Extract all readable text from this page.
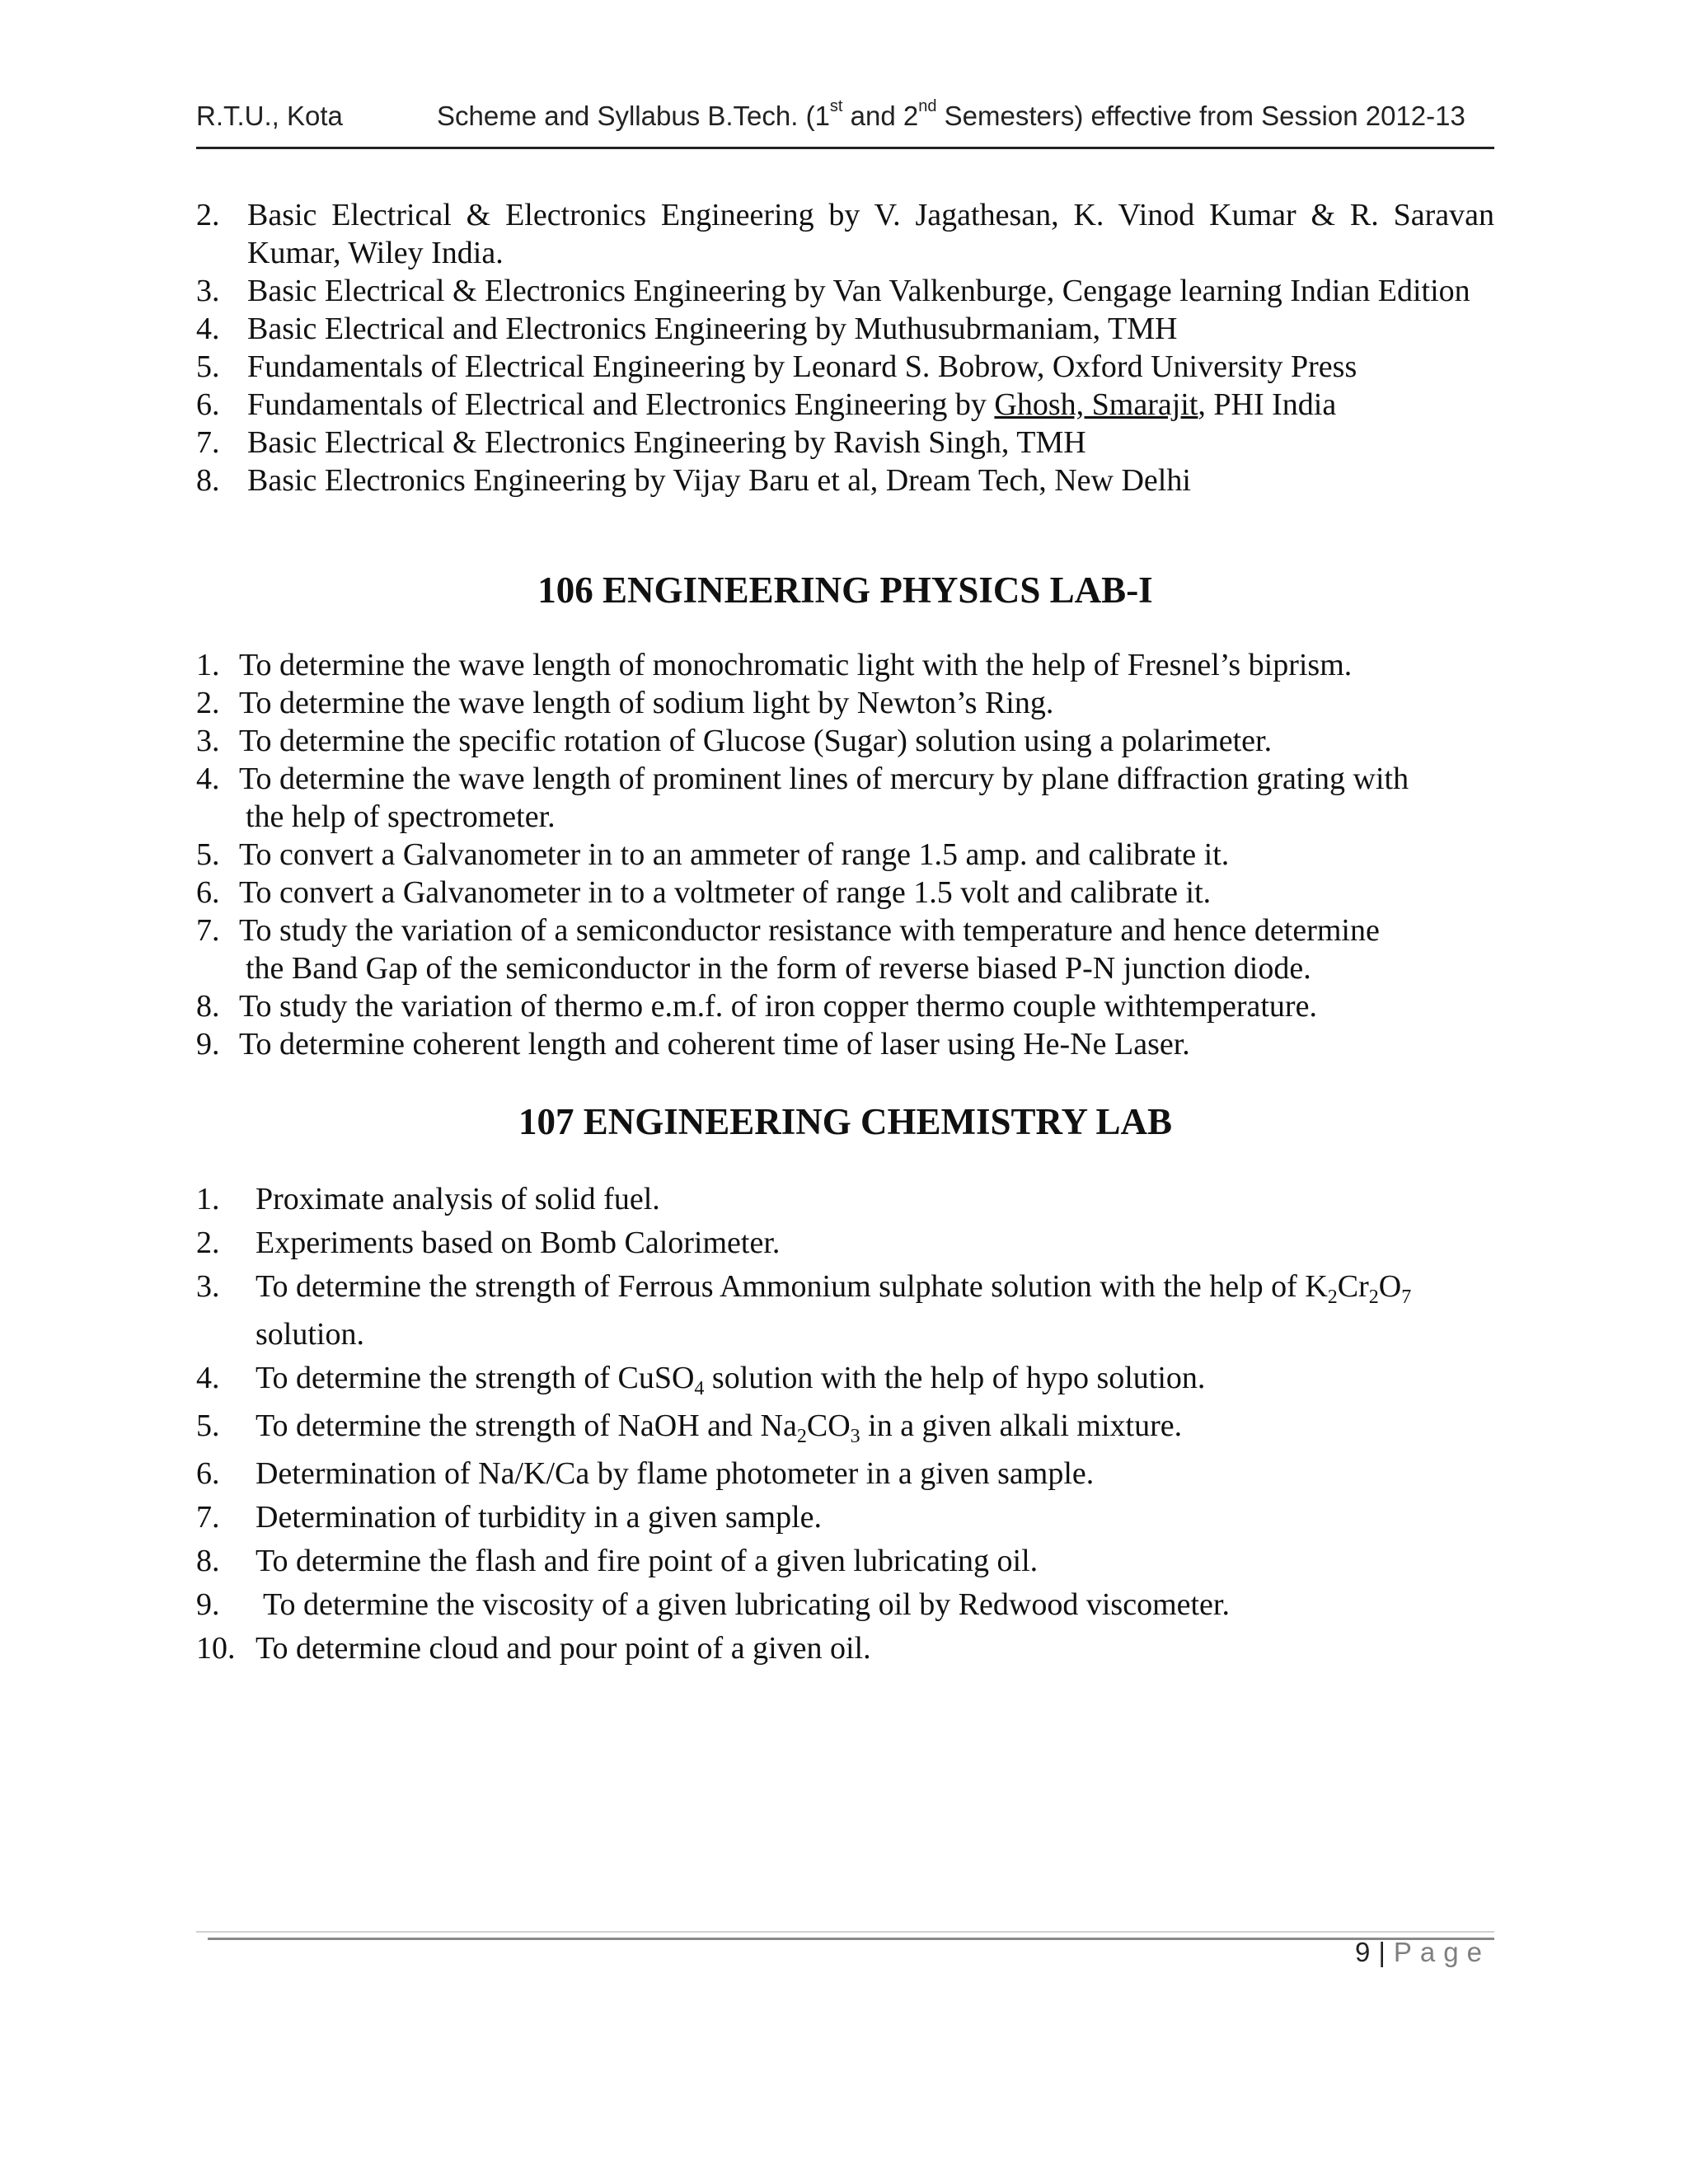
R.T.U., Kota	Scheme and Syllabus B.Tech. (1st and 2nd Semesters) effective from Session 2012-13
2. Basic Electrical & Electronics Engineering by V. Jagathesan, K. Vinod Kumar & R. Saravan Kumar, Wiley India.
3. Basic Electrical & Electronics Engineering by Van Valkenburge, Cengage learning Indian Edition
4. Basic Electrical and Electronics Engineering by Muthusubrmaniam, TMH
5. Fundamentals of Electrical Engineering by Leonard S. Bobrow, Oxford University Press
6. Fundamentals of Electrical and Electronics Engineering by Ghosh, Smarajit, PHI India
7. Basic Electrical & Electronics Engineering by Ravish Singh, TMH
8. Basic Electronics Engineering by Vijay Baru et al, Dream Tech, New Delhi
106 ENGINEERING PHYSICS LAB-I
1. To determine the wave length of monochromatic light with the help of Fresnel’s biprism.
2. To determine the wave length of sodium light by Newton’s Ring.
3. To determine the specific rotation of Glucose (Sugar) solution using a polarimeter.
4. To determine the wave length of prominent lines of mercury by plane diffraction grating with
the help of spectrometer.
5. To convert a Galvanometer in to an ammeter of range 1.5 amp. and calibrate it.
6. To convert a Galvanometer in to a voltmeter of range 1.5 volt and calibrate it.
7. To study the variation of a semiconductor resistance with temperature and hence determine
the Band Gap of the semiconductor in the form of reverse biased P-N junction diode.
8. To study the variation of thermo e.m.f. of iron copper thermo couple withtemperature.
9. To determine coherent length and coherent time of laser using He-Ne Laser.
107 ENGINEERING CHEMISTRY LAB
1.	Proximate analysis of solid fuel.
2.	Experiments based on Bomb Calorimeter.
3.	To determine the strength of Ferrous Ammonium sulphate solution with the help of $K_2Cr_2O_7$
solution.
4.	To determine the strength of CuSO$_4$ solution with the help of hypo solution.
5.	To determine the strength of NaOH and $Na_2CO_3$ in a given alkali mixture.
6.	Determination of Na/K/Ca by flame photometer in a given sample.
7.	Determination of turbidity in a given sample.
8.	To determine the flash and fire point of a given lubricating oil.
9.	To determine the viscosity of a given lubricating oil by Redwood viscometer.
10. To determine cloud and pour point of a given oil.
9 | Page
